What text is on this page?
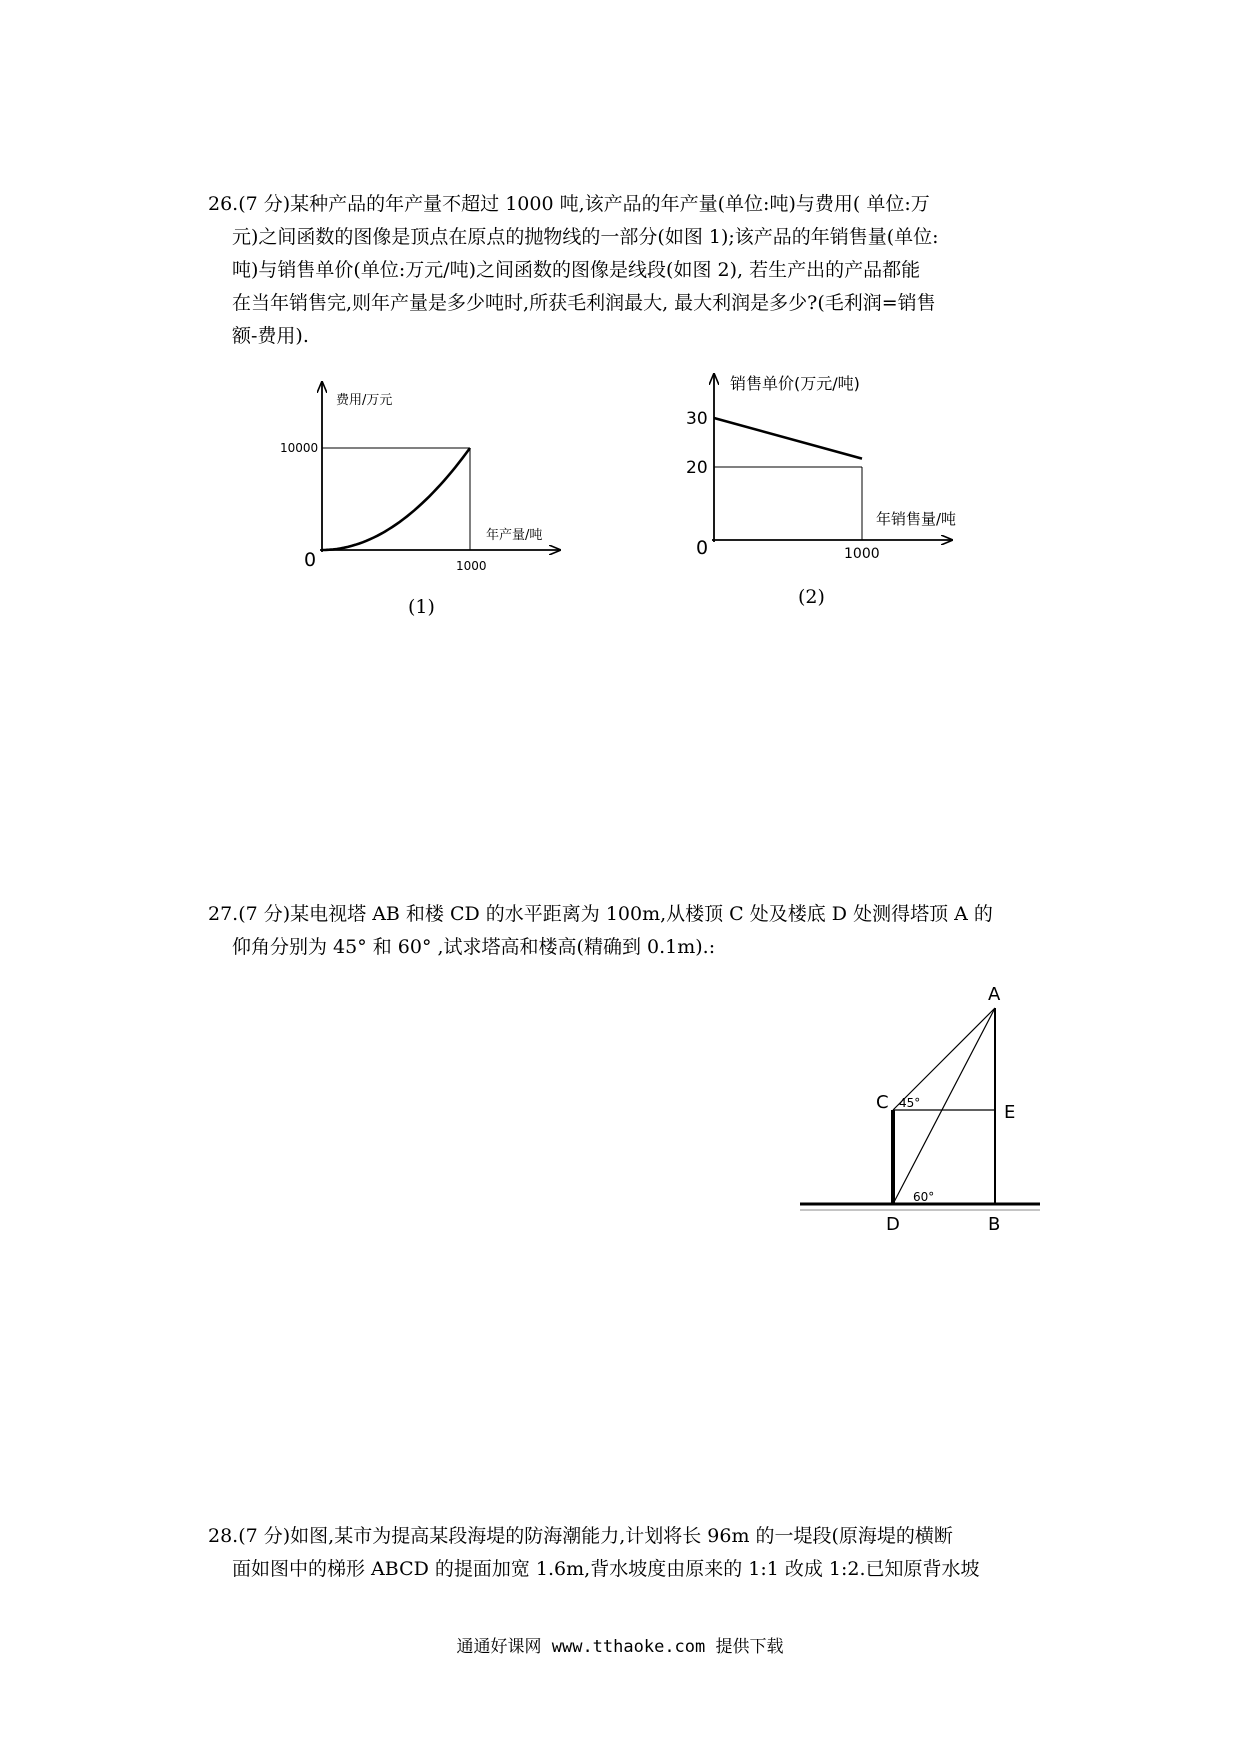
26.(7 分)某种产品的年产量不超过 1000 吨,该产品的年产量(单位:吨)与费用( 单位:万
元)之间函数的图像是顶点在原点的抛物线的一部分(如图 1);该产品的年销售量(单位:
吨)与销售单价(单位:万元/吨)之间函数的图像是线段(如图 2), 若生产出的产品都能
在当年销售完,则年产量是多少吨时,所获毛利润最大, 最大利润是多少?(毛利润=销售
额-费用).
费用/万元
10000
年产量/吨
1000
0
(1)
销售单价(万元/吨)
30
20
年销售量/吨
1000
0
(2)
27.(7 分)某电视塔 AB 和楼 CD 的水平距离为 100m,从楼顶 C 处及楼底 D 处测得塔顶 A 的
仰角分别为 45° 和 60° ,试求塔高和楼高(精确到 0.1m).:
A
C	E
D	B
45°
60°
28.(7 分)如图,某市为提高某段海堤的防海潮能力,计划将长 96m 的一堤段(原海堤的横断
面如图中的梯形 ABCD 的提面加宽 1.6m,背水坡度由原来的 1:1 改成 1:2.已知原背水坡
通通好课网 www.tthaoke.com 提供下载
